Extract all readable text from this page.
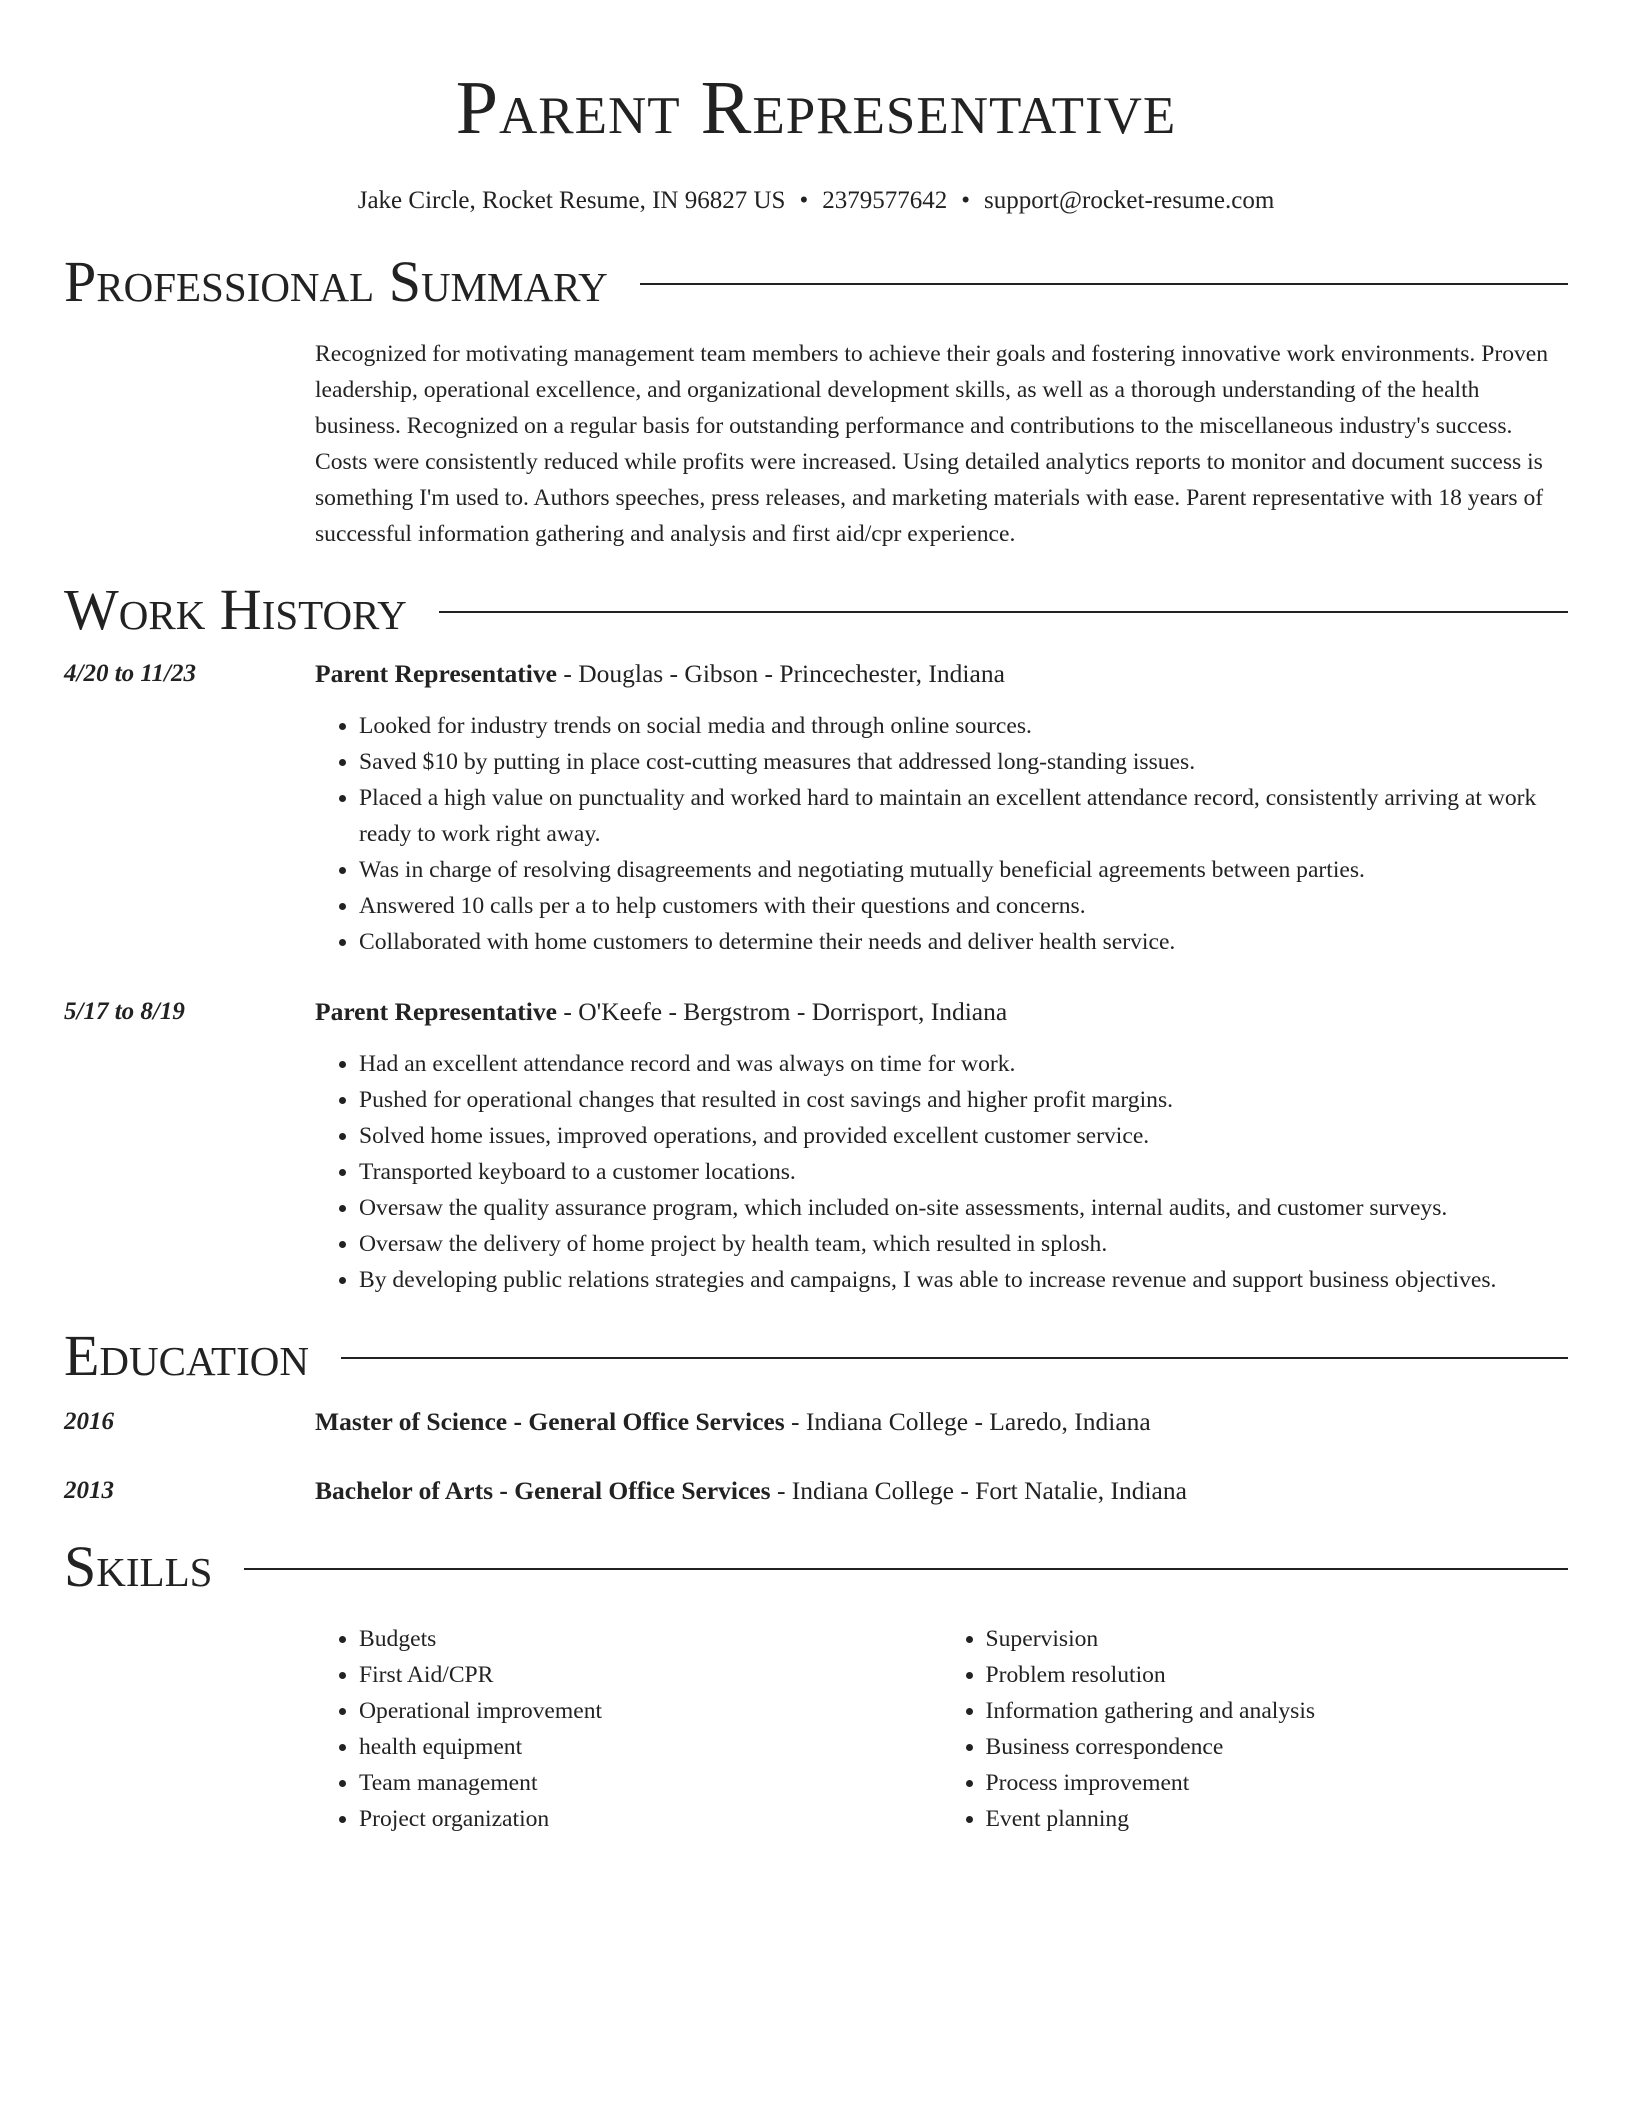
Parent Representative
Jake Circle, Rocket Resume, IN 96827 US • 2379577642 • support@rocket-resume.com
Professional Summary
Recognized for motivating management team members to achieve their goals and fostering innovative work environments. Proven leadership, operational excellence, and organizational development skills, as well as a thorough understanding of the health business. Recognized on a regular basis for outstanding performance and contributions to the miscellaneous industry's success. Costs were consistently reduced while profits were increased. Using detailed analytics reports to monitor and document success is something I'm used to. Authors speeches, press releases, and marketing materials with ease. Parent representative with 18 years of successful information gathering and analysis and first aid/cpr experience.
Work History
4/20 to 11/23	Parent Representative - Douglas - Gibson - Princechester, Indiana
• Looked for industry trends on social media and through online sources.
• Saved $10 by putting in place cost-cutting measures that addressed long-standing issues.
• Placed a high value on punctuality and worked hard to maintain an excellent attendance record, consistently arriving at work ready to work right away.
• Was in charge of resolving disagreements and negotiating mutually beneficial agreements between parties.
• Answered 10 calls per a to help customers with their questions and concerns.
• Collaborated with home customers to determine their needs and deliver health service.
5/17 to 8/19	Parent Representative - O'Keefe - Bergstrom - Dorrisport, Indiana
• Had an excellent attendance record and was always on time for work.
• Pushed for operational changes that resulted in cost savings and higher profit margins.
• Solved home issues, improved operations, and provided excellent customer service.
• Transported keyboard to a customer locations.
• Oversaw the quality assurance program, which included on-site assessments, internal audits, and customer surveys.
• Oversaw the delivery of home project by health team, which resulted in splosh.
• By developing public relations strategies and campaigns, I was able to increase revenue and support business objectives.
Education
2016	Master of Science - General Office Services - Indiana College - Laredo, Indiana
2013	Bachelor of Arts - General Office Services - Indiana College - Fort Natalie, Indiana
Skills
• Budgets
• First Aid/CPR
• Operational improvement
• health equipment
• Team management
• Project organization
• Supervision
• Problem resolution
• Information gathering and analysis
• Business correspondence
• Process improvement
• Event planning
